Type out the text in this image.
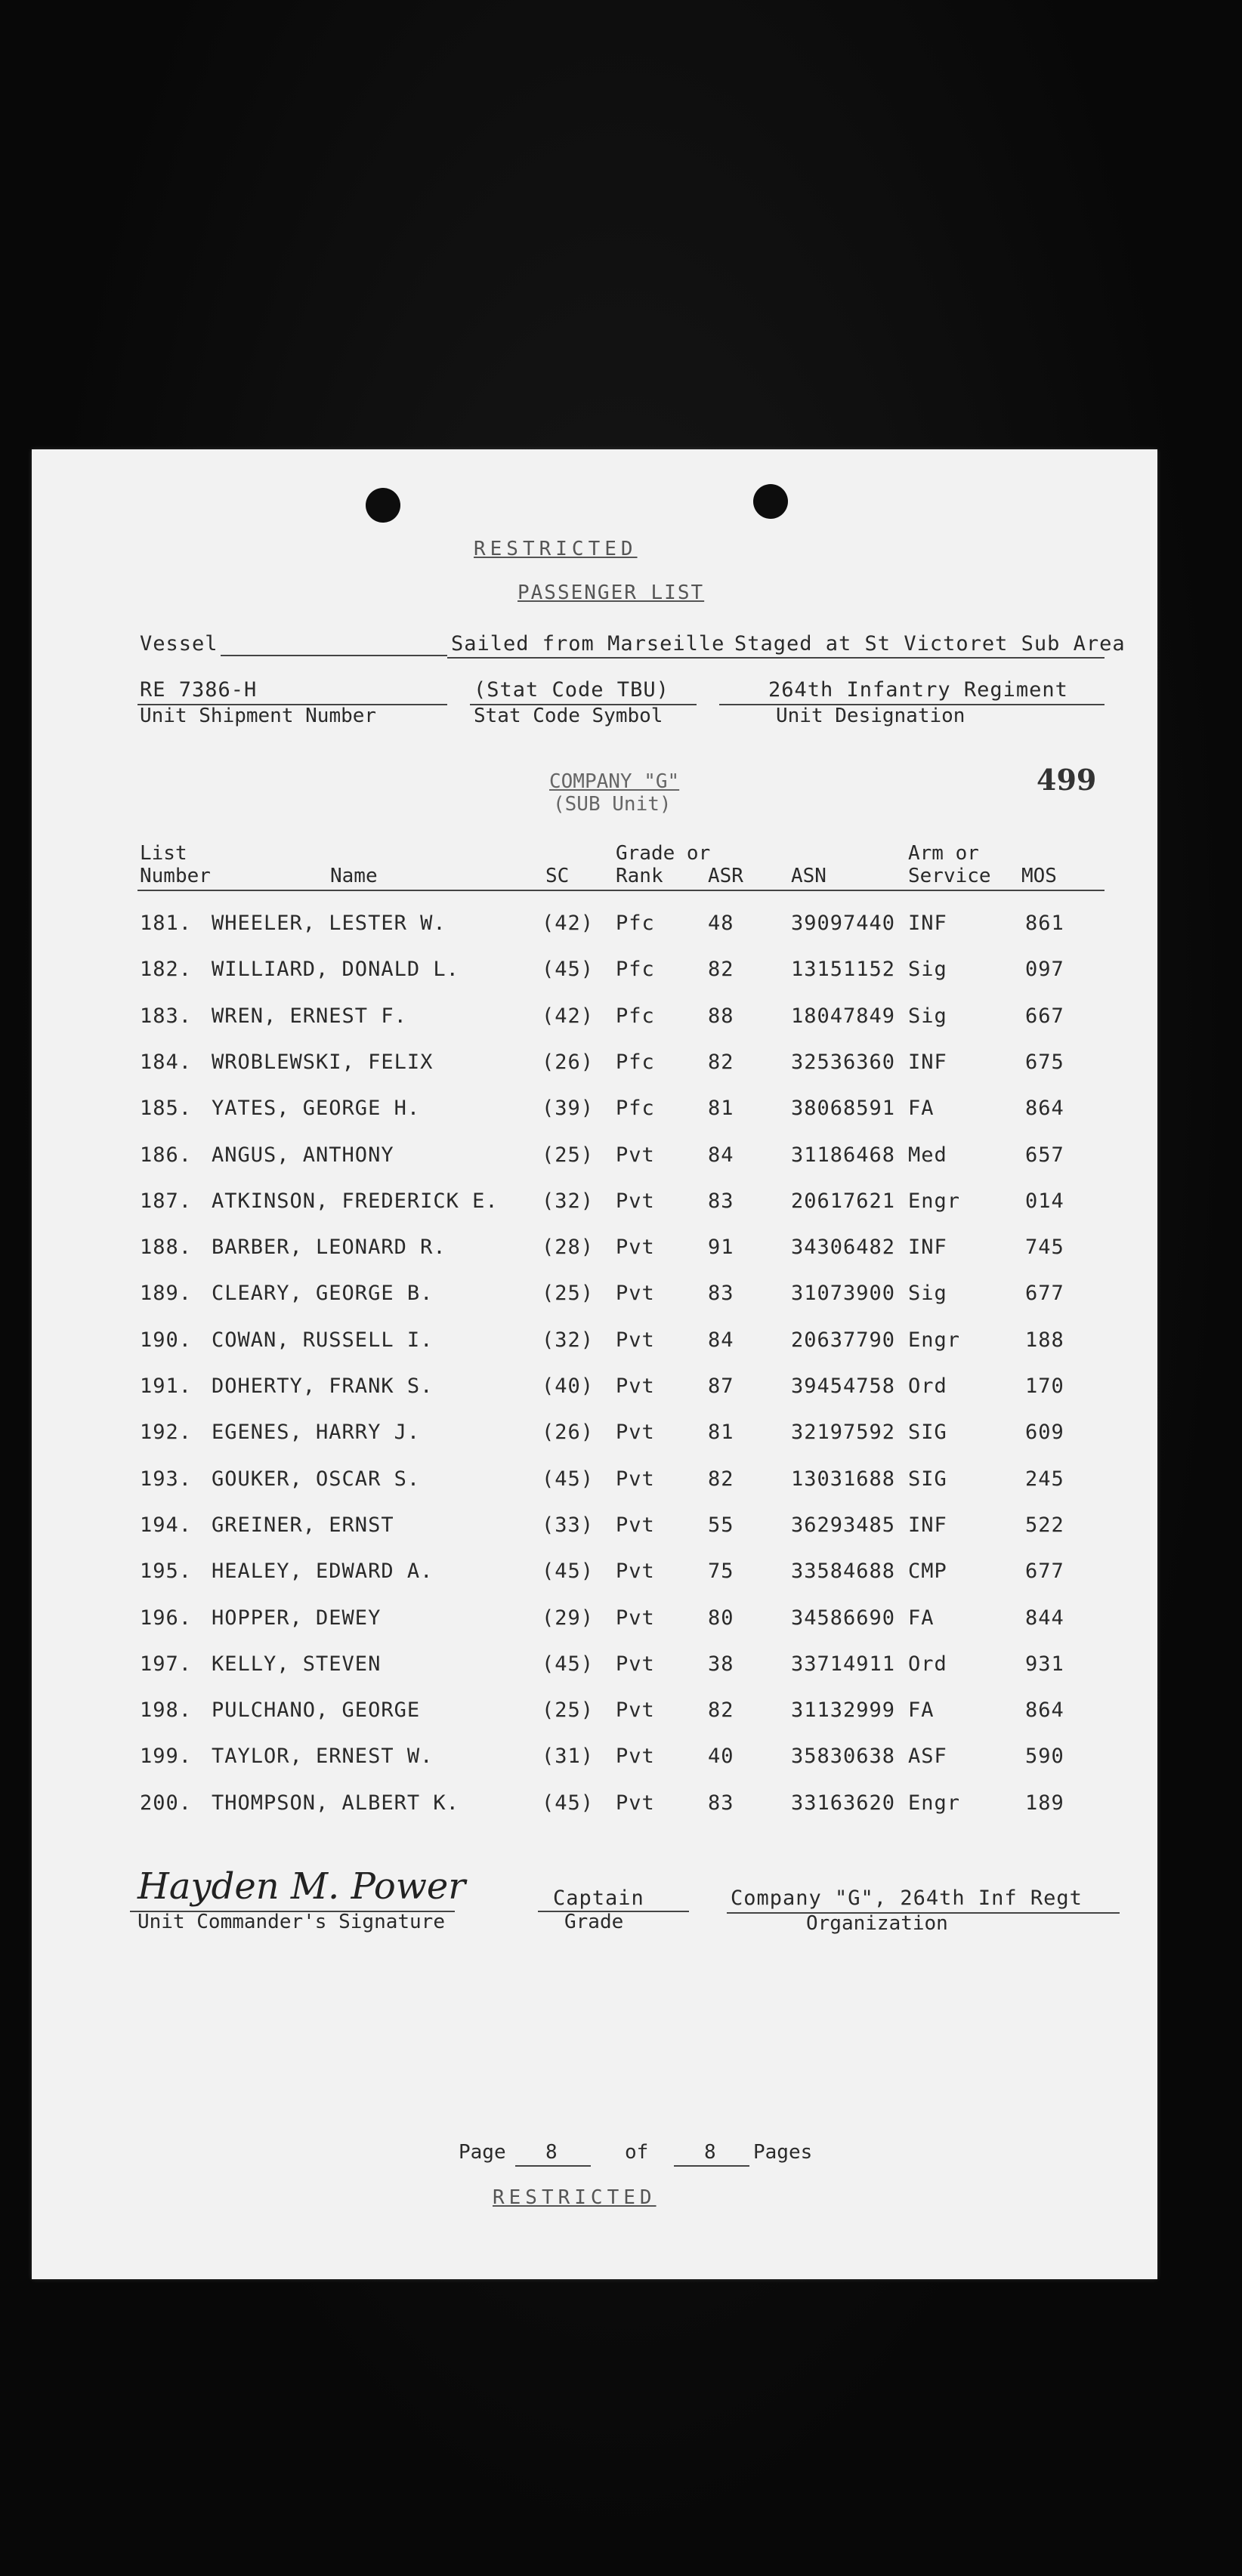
RESTRICTED
PASSENGER LIST
Vessel	Sailed from Marseille Staged at St Victoret Sub Area
RE 7386-H
Unit Shipment Number
(Stat Code TBU)
Stat Code Symbol
264th Infantry Regiment
Unit Designation
COMPANY "G"
(SUB Unit)
499
List
Number	Name	SC
Grade or
Rank ASR ASN
Arm or
Service MOS
181. WHEELER, LESTER W.	(42) Pfc	48	39097440 INF	861
182. WILLIARD, DONALD L.	(45) Pfc	82	13151152 Sig	097
183. WREN, ERNEST F.	(42) Pfc	88	18047849 Sig	667
184. WROBLEWSKI, FELIX	(26) Pfc	82	32536360 INF	675
185. YATES, GEORGE H.	(39) Pfc	81	38068591 FA	864
186. ANGUS, ANTHONY	(25) Pvt	84	31186468 Med	657
187. ATKINSON, FREDERICK E. (32) Pvt	83	20617621 Engr	014
188. BARBER, LEONARD R.	(28) Pvt	91	34306482 INF	745
189. CLEARY, GEORGE B.	(25) Pvt	83	31073900 Sig	677
190. COWAN, RUSSELL I.	(32) Pvt	84	20637790 Engr	188
191. DOHERTY, FRANK S.	(40) Pvt	87	39454758 Ord	170
192. EGENES, HARRY J.	(26) Pvt	81	32197592 SIG	609
193. GOUKER, OSCAR S.	(45) Pvt	82	13031688 SIG	245
194. GREINER, ERNST	(33) Pvt	55	36293485 INF	522
195. HEALEY, EDWARD A.	(45) Pvt	75	33584688 CMP	677
196. HOPPER, DEWEY	(29) Pvt	80	34586690 FA	844
197. KELLY, STEVEN	(45) Pvt	38	33714911 Ord	931
198. PULCHANO, GEORGE	(25) Pvt	82	31132999 FA	864
199. TAYLOR, ERNEST W.	(31) Pvt	40	35830638 ASF	590
200. THOMPSON, ALBERT K.	(45) Pvt	83	33163620 Engr	189
Hayden M. Power
Unit Commander's Signature
Captain
Grade
Company "G", 264th Inf Regt
Organization
Page 8	of	8 Pages
RESTRICTED
